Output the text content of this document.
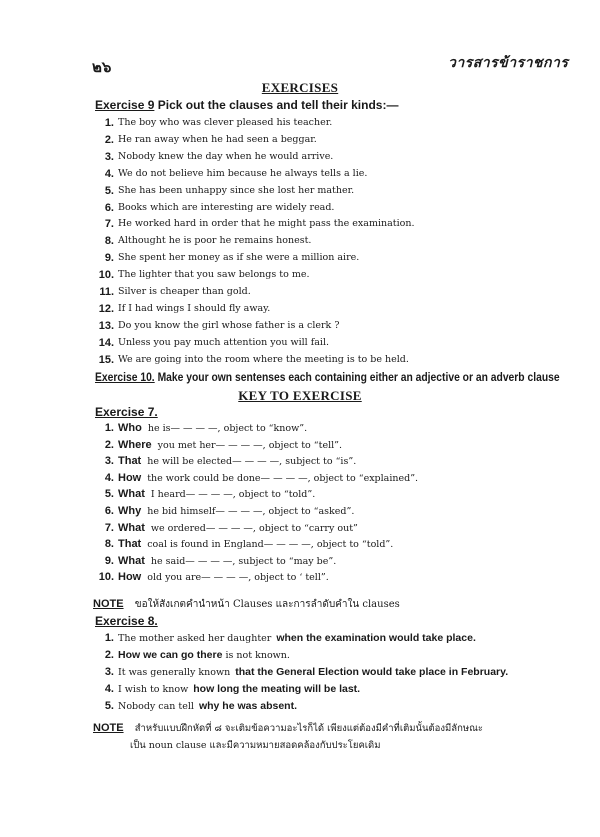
๒๖	วารสารข้าราชการ
EXERCISES
Exercise 9 Pick out the clauses and tell their kinds:—
1. The boy who was clever pleased his teacher.
2. He ran away when he had seen a beggar.
3. Nobody knew the day when he would arrive.
4. We do not believe him because he always tells a lie.
5. She has been unhappy since she lost her mather.
6. Books which are interesting are widely read.
7. He worked hard in order that he might pass the examination.
8. Althought he is poor he remains honest.
9. She spent her money as if she were a million aire.
10. The lighter that you saw belongs to me.
11. Silver is cheaper than gold.
12. If I had wings I should fly away.
13. Do you know the girl whose father is a clerk ?
14. Unless you pay much attention you will fail.
15. We are going into the room where the meeting is to be held.
Exercise 10. Make your own sentenses each containing either an adjective or an adverb clause
KEY TO EXERCISE
Exercise 7.
1. Who he is— — — —, object to “know”.
2. Where you met her— — — —, object to “tell”.
3. That he will be elected— — — —, subject to “is”.
4. How the work could be done— — — —, object to “explained”.
5. What I heard— — — —, object to “told”.
6. Why he bid himself— — — —, object to “asked”.
7. What we ordered— — — —, object to “carry out”
8. That coal is found in England— — — —, object to “told”.
9. What he said— — — —, subject to “may be”.
10. How old you are— — — —, object to ‘ tell”.
NOTE ขอให้สังเกตคำนำหน้า Clauses และการลำดับคำใน clauses
Exercise 8.
1. The mother asked her daughter when the examination would take place.
2. How we can go there is not known.
3. It was generally known that the General Election would take place in February.
4. I wish to know how long the meating will be last.
5. Nobody can tell why he was absent.
NOTE สำหรับแบบฝึกหัดที่ ๘ จะเติมข้อความอะไรก็ได้ เพียงแต่ต้องมีคำที่เติมนั้นต้องมีลักษณะ
เป็น noun clause และมีความหมายสอดคล้องกับประโยคเดิม
